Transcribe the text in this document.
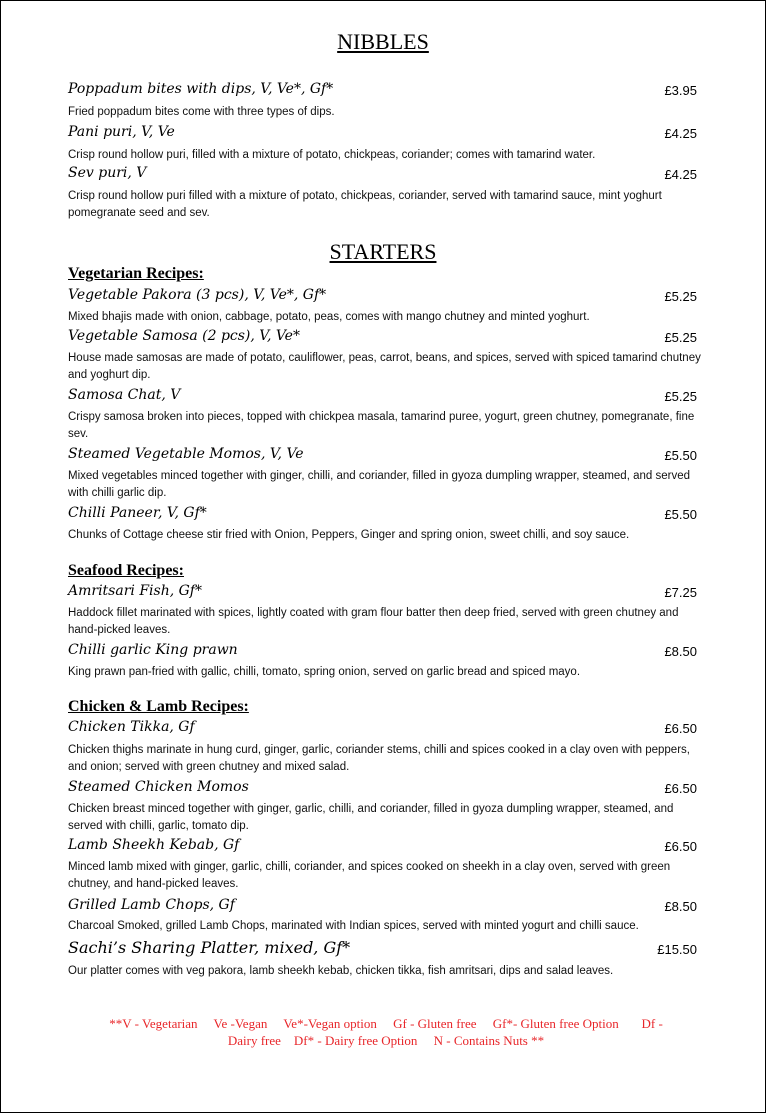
NIBBLES
Poppadum bites with dips, V, Ve*, Gf*	£3.95
Fried poppadum bites come with three types of dips.
Pani puri, V, Ve	£4.25
Crisp round hollow puri, filled with a mixture of potato, chickpeas, coriander; comes with tamarind water.
Sev puri, V	£4.25
Crisp round hollow puri filled with a mixture of potato, chickpeas, coriander, served with tamarind sauce, mint yoghurt pomegranate seed and sev.
STARTERS
Vegetarian Recipes:
Vegetable Pakora (3 pcs), V, Ve*, Gf*	£5.25
Mixed bhajis made with onion, cabbage, potato, peas, comes with mango chutney and minted yoghurt.
Vegetable Samosa (2 pcs), V, Ve*	£5.25
House made samosas are made of potato, cauliflower, peas, carrot, beans, and spices, served with spiced tamarind chutney and yoghurt dip.
Samosa Chat, V	£5.25
Crispy samosa broken into pieces, topped with chickpea masala, tamarind puree, yogurt, green chutney, pomegranate, fine sev.
Steamed Vegetable Momos, V, Ve	£5.50
Mixed vegetables minced together with ginger, chilli, and coriander, filled in gyoza dumpling wrapper, steamed, and served with chilli garlic dip.
Chilli Paneer, V, Gf*	£5.50
Chunks of Cottage cheese stir fried with Onion, Peppers, Ginger and spring onion, sweet chilli, and soy sauce.
Seafood Recipes:
Amritsari Fish, Gf*	£7.25
Haddock fillet marinated with spices, lightly coated with gram flour batter then deep fried, served with green chutney and hand-picked leaves.
Chilli garlic King prawn	£8.50
King prawn pan-fried with gallic, chilli, tomato, spring onion, served on garlic bread and spiced mayo.
Chicken & Lamb Recipes:
Chicken Tikka, Gf	£6.50
Chicken thighs marinate in hung curd, ginger, garlic, coriander stems, chilli and spices cooked in a clay oven with peppers, and onion; served with green chutney and mixed salad.
Steamed Chicken Momos	£6.50
Chicken breast minced together with ginger, garlic, chilli, and coriander, filled in gyoza dumpling wrapper, steamed, and served with chilli, garlic, tomato dip.
Lamb Sheekh Kebab, Gf	£6.50
Minced lamb mixed with ginger, garlic, chilli, coriander, and spices cooked on sheekh in a clay oven, served with green chutney, and hand-picked leaves.
Grilled Lamb Chops, Gf	£8.50
Charcoal Smoked, grilled Lamb Chops, marinated with Indian spices, served with minted yogurt and chilli sauce.
Sachi’s Sharing Platter, mixed, Gf*	£15.50
Our platter comes with veg pakora, lamb sheekh kebab, chicken tikka, fish amritsari, dips and salad leaves.
**V - Vegetarian     Ve -Vegan     Ve*-Vegan option     Gf - Gluten free     Gf*- Gluten free Option       Df -
Dairy free    Df* - Dairy free Option     N - Contains Nuts **
